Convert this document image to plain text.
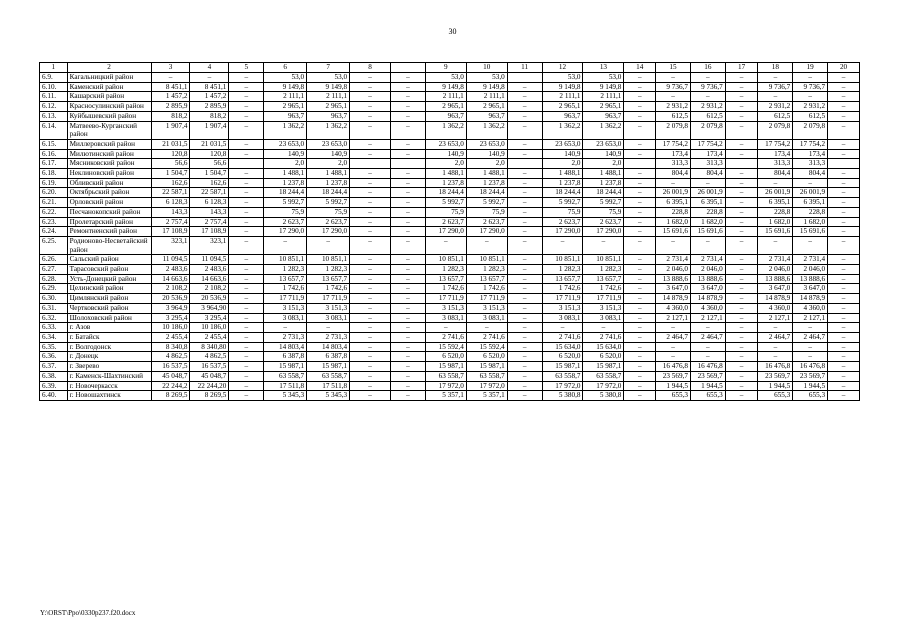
30
1	2	3	4	5	6	7	8		9	10	11	12	13	14	15	16	17	18	19	20
6.9.	Кагальницкий район	–	–	–	53,0	53,0	–	–	53,0	53,0		53,0	53,0	–	–	–	–	–	–	–
6.10.	Каменский район	8 451,1	8 451,1	–	9 149,8	9 149,8	–	–	9 149,8	9 149,8	–	9 149,8	9 149,8	–	9 736,7	9 736,7	–	9 736,7	9 736,7	–
6.11.	Кашарский район	1 457,2	1 457,2	–	2 111,1	2 111,1	–	–	2 111,1	2 111,1	–	2 111,1	2 111,1	–	–	–	–	–	–	–
6.12.	Красносулинский район	2 895,9	2 895,9	–	2 965,1	2 965,1	–	–	2 965,1	2 965,1	–	2 965,1	2 965,1	–	2 931,2	2 931,2	–	2 931,2	2 931,2	–
6.13.	Куйбышевский район	818,2	818,2	–	963,7	963,7	–	–	963,7	963,7	–	963,7	963,7	–	612,5	612,5	–	612,5	612,5	–
6.14.	Матвеево-Курганский район	1 907,4	1 907,4	–	1 362,2	1 362,2	–	–	1 362,2	1 362,2	–	1 362,2	1 362,2	–	2 079,8	2 079,8	–	2 079,8	2 079,8	–
6.15.	Миллеровский район	21 031,5	21 031,5	–	23 653,0	23 653,0	–	–	23 653,0	23 653,0	–	23 653,0	23 653,0	–	17 754,2	17 754,2	–	17 754,2	17 754,2	–
6.16.	Милютинский район	120,8	120,8	–	140,9	140,9	–	–	140,9	140,9	–	140,9	140,9	–	173,4	173,4	–	173,4	173,4	–
6.17.	Мясниковский район	56,6	56,6		2,0	2,0			2,0	2,0		2,0	2,0		313,3	313,3		313,3	313,3	
6.18.	Неклиновский район	1 504,7	1 504,7	–	1 488,1	1 488,1	–	–	1 488,1	1 488,1	–	1 488,1	1 488,1	–	804,4	804,4	–	804,4	804,4	–
6.19.	Обливский район	162,6	162,6	–	1 237,8	1 237,8	–	–	1 237,8	1 237,8	–	1 237,8	1 237,8	–	–	–	–	–	–	–
6.20.	Октябрьский район	22 587,1	22 587,1	–	18 244,4	18 244,4	–	–	18 244,4	18 244,4	–	18 244,4	18 244,4	–	26 001,9	26 001,9	–	26 001,9	26 001,9	–
6.21.	Орловский район	6 128,3	6 128,3	–	5 992,7	5 992,7	–	–	5 992,7	5 992,7	–	5 992,7	5 992,7	–	6 395,1	6 395,1	–	6 395,1	6 395,1	–
6.22.	Песчанокопский район	143,3	143,3	–	75,9	75,9	–	–	75,9	75,9	–	75,9	75,9	–	228,8	228,8	–	228,8	228,8	–
6.23.	Пролетарский район	2 757,4	2 757,4	–	2 623,7	2 623,7	–	–	2 623,7	2 623,7	–	2 623,7	2 623,7	–	1 682,0	1 682,0	–	1 682,0	1 682,0	–
6.24.	Ремонтненский район	17 108,9	17 108,9	–	17 290,0	17 290,0	–	–	17 290,0	17 290,0	–	17 290,0	17 290,0	–	15 691,6	15 691,6	–	15 691,6	15 691,6	–
6.25.	Родионово-Несветайский район	323,1	323,1	–	–	–	–	–	–	–	–	–	–	–	–	–	–	–	–	–
6.26.	Сальский район	11 094,5	11 094,5	–	10 851,1	10 851,1	–	–	10 851,1	10 851,1	–	10 851,1	10 851,1	–	2 731,4	2 731,4	–	2 731,4	2 731,4	–
6.27.	Тарасовский район	2 483,6	2 483,6	–	1 282,3	1 282,3	–	–	1 282,3	1 282,3	–	1 282,3	1 282,3	–	2 046,0	2 046,0	–	2 046,0	2 046,0	–
6.28.	Усть-Донецкий район	14 663,6	14 663,6	–	13 657,7	13 657,7	–	–	13 657,7	13 657,7	–	13 657,7	13 657,7	–	13 888,6	13 888,6	–	13 888,6	13 888,6	–
6.29.	Целинский район	2 108,2	2 108,2	–	1 742,6	1 742,6	–	–	1 742,6	1 742,6	–	1 742,6	1 742,6	–	3 647,0	3 647,0	–	3 647,0	3 647,0	–
6.30.	Цимлянский район	20 536,9	20 536,9	–	17 711,9	17 711,9	–	–	17 711,9	17 711,9	–	17 711,9	17 711,9	–	14 878,9	14 878,9	–	14 878,9	14 878,9	–
6.31.	Чертковский район	3 964,9	3 964,90	–	3 151,3	3 151,3	–	–	3 151,3	3 151,3	–	3 151,3	3 151,3	–	4 360,0	4 360,0	–	4 360,0	4 360,0	–
6.32.	Шолоховский район	3 295,4	3 295,4	–	3 083,1	3 083,1	–	–	3 083,1	3 083,1	–	3 083,1	3 083,1	–	2 127,1	2 127,1	–	2 127,1	2 127,1	–
6.33.	г. Азов	10 186,0	10 186,0	–	–	–	–	–	–	–	–	–	–	–	–	–	–	–	–	–
6.34.	г. Батайск	2 455,4	2 455,4	–	2 731,3	2 731,3	–	–	2 741,6	2 741,6	–	2 741,6	2 741,6	–	2 464,7	2 464,7	–	2 464,7	2 464,7	–
6.35.	г. Волгодонск	8 340,8	8 340,80	–	14 803,4	14 803,4	–	–	15 592,4	15 592,4	–	15 634,0	15 634,0	–	–	–	–	–	–	–
6.36.	г. Донецк	4 862,5	4 862,5	–	6 387,8	6 387,8	–	–	6 520,0	6 520,0	–	6 520,0	6 520,0	–	–	–	–	–	–	–
6.37.	г. Зверево	16 537,5	16 537,5	–	15 987,1	15 987,1	–	–	15 987,1	15 987,1	–	15 987,1	15 987,1	–	16 476,8	16 476,8	–	16 476,8	16 476,8	–
6.38.	г. Каменск-Шахтинский	45 048,7	45 048,7	–	63 558,7	63 558,7	–	–	63 558,7	63 558,7	–	63 558,7	63 558,7	–	23 569,7	23 569,7	–	23 569,7	23 569,7	–
6.39.	г. Новочеркасск	22 244,2	22 244,20	–	17 511,8	17 511,8	–	–	17 972,0	17 972,0	–	17 972,0	17 972,0	–	1 944,5	1 944,5	–	1 944,5	1 944,5	–
6.40.	г. Новошахтинск	8 269,5	8 269,5	–	5 345,3	5 345,3	–	–	5 357,1	5 357,1	–	5 380,8	5 380,8	–	655,3	655,3	–	655,3	655,3	–
Y:\ORST\Ppo\0330p237.f20.docx
